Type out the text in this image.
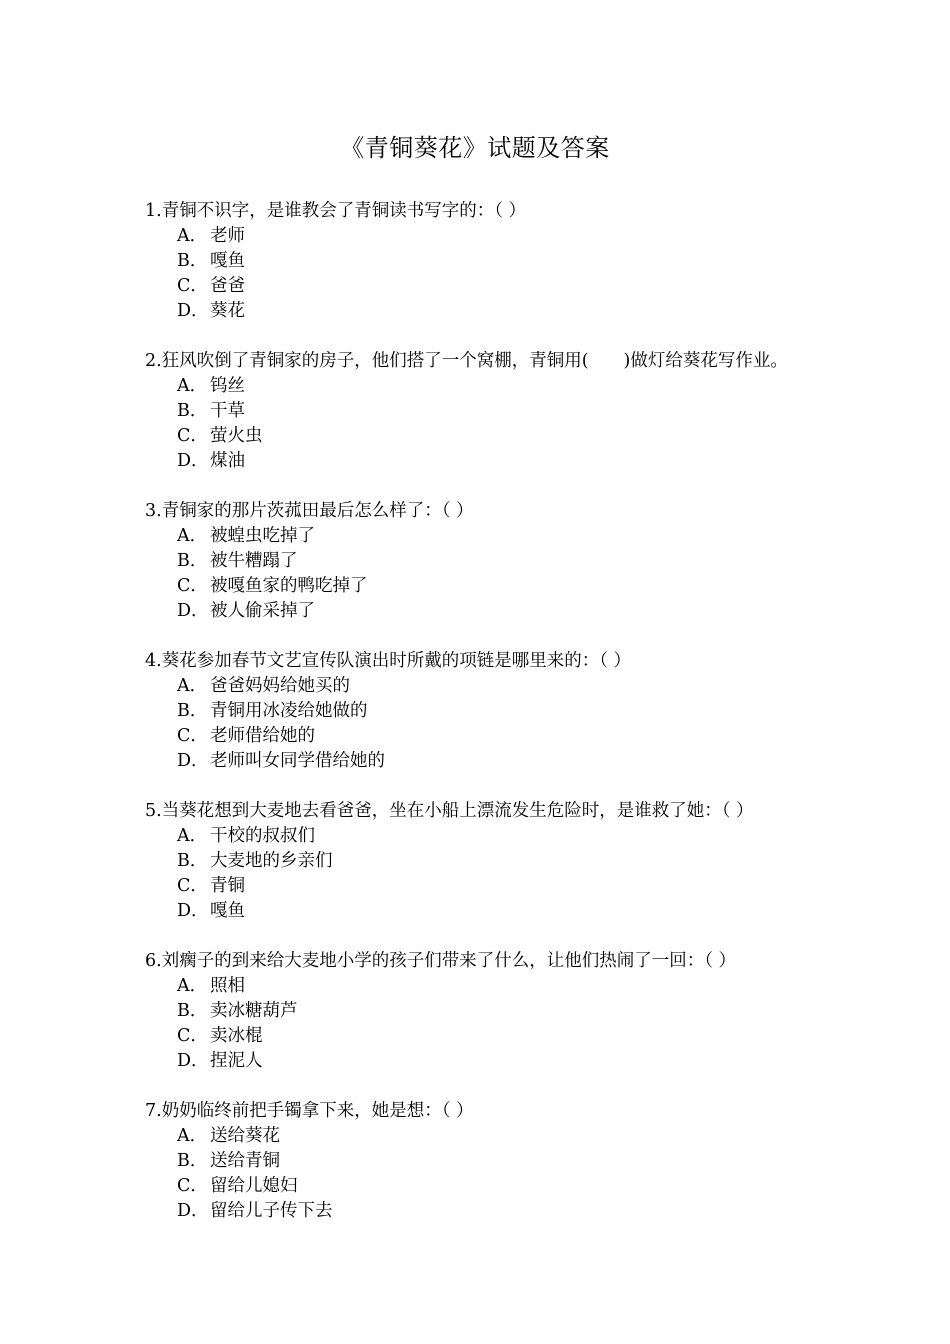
《青铜葵花》试题及答案
1.青铜不识字，是谁教会了青铜读书写字的：（ ）
A． 老师
B． 嘎鱼
C． 爸爸
D．葵花
2.狂风吹倒了青铜家的房子，他们搭了一个窝棚，青铜用(　　)做灯给葵花写作业。
A． 钨丝
B． 干草
C． 萤火虫
D．煤油
3.青铜家的那片茨菰田最后怎么样了：（ ）
A． 被蝗虫吃掉了
B． 被牛糟蹋了
C． 被嘎鱼家的鸭吃掉了
D．被人偷采掉了
4.葵花参加春节文艺宣传队演出时所戴的项链是哪里来的：（ ）
A． 爸爸妈妈给她买的
B． 青铜用冰凌给她做的
C． 老师借给她的
D．老师叫女同学借给她的
5.当葵花想到大麦地去看爸爸，坐在小船上漂流发生危险时，是谁救了她：（ ）
A． 干校的叔叔们
B． 大麦地的乡亲们
C． 青铜
D．嘎鱼
6.刘瘸子的到来给大麦地小学的孩子们带来了什么，让他们热闹了一回：（ ）
A． 照相
B． 卖冰糖葫芦
C． 卖冰棍
D．捏泥人
7.奶奶临终前把手镯拿下来，她是想：（ ）
A． 送给葵花
B． 送给青铜
C． 留给儿媳妇
D．留给儿子传下去
